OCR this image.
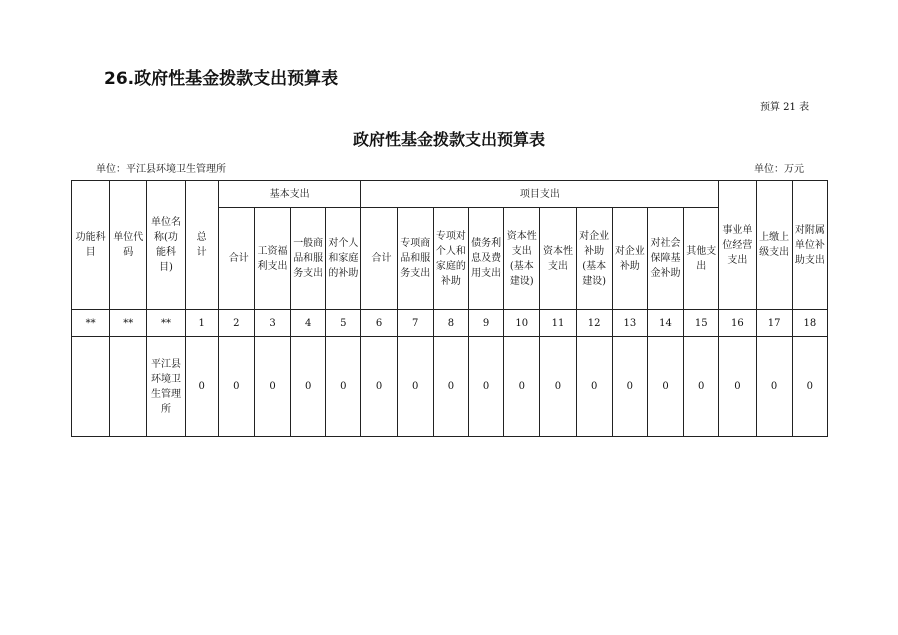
26.政府性基金拨款支出预算表
预算 21 表
政府性基金拨款支出预算表
单位：平江县环境卫生管理所	单位：万元
功能科目	单位代码	单位名称(功能科目)	总计	基本支出				项目支出										事业单位经营支出	上缴上级支出	对附属单位补助支出

				合计	工资福利支出	一般商品和服务支出	对个人和家庭的补助	合计	专项商品和服务支出	专项对个人和家庭的补助	债务利息及费用支出	资本性支出(基本建设)	资本性支出	对企业补助(基本建设)	对企业补助	对社会保障基金补助	其他支出			

**	**	**	1	2	3	4	5	6	7	8	9	10	11	12	13	14	15	16	17	18

		平江县环境卫生管理所	0	0	0	0	0	0	0	0	0	0	0	0	0	0	0	0	0	0
